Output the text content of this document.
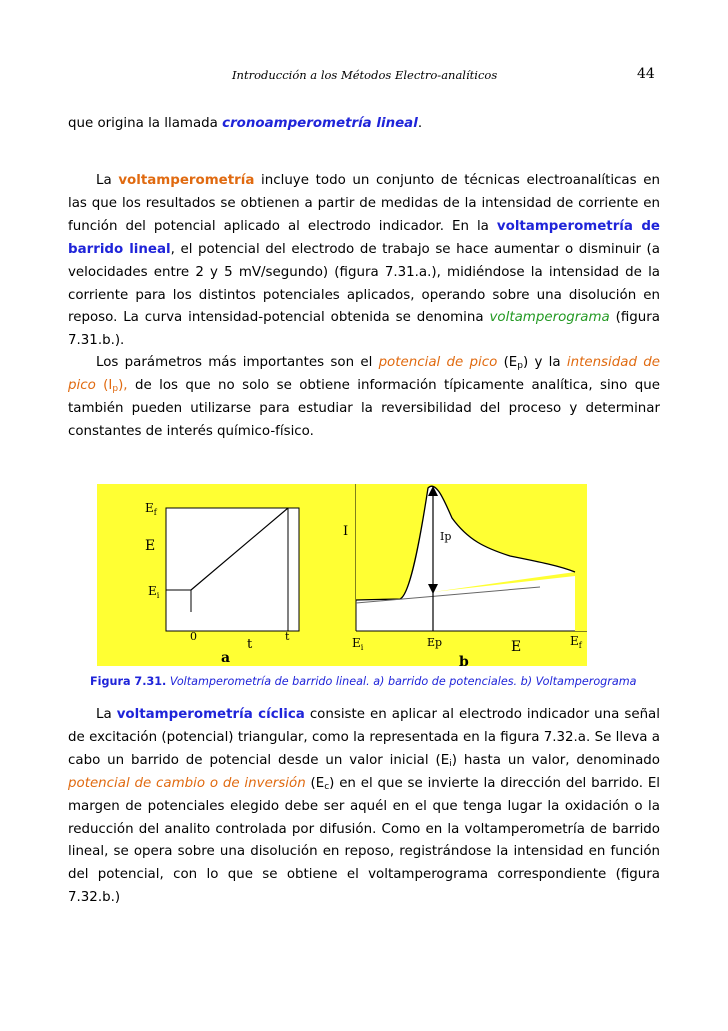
Introducción a los Métodos Electro-analíticos	44
que origina la llamada cronoamperometría lineal.
La voltamperometría incluye todo un conjunto de técnicas electroanalíticas en las que los resultados se obtienen a partir de medidas de la intensidad de corriente en función del potencial aplicado al electrodo indicador. En la voltamperometría de barrido lineal, el potencial del electrodo de trabajo se hace aumentar o disminuir (a velocidades entre 2 y 5 mV/segundo) (figura 7.31.a.), midiéndose la intensidad de la corriente para los distintos potenciales aplicados, operando sobre una disolución en reposo. La curva intensidad-potencial obtenida se denomina voltamperograma (figura 7.31.b.).
Los parámetros más importantes son el potencial de pico $(E_p)$ y la intensidad de pico $(I_p)$, de los que no solo se obtiene información típicamente analítica, sino que también pueden utilizarse para estudiar la reversibilidad del proceso y determinar constantes de interés químico-físico.
$E_f$
E
$E_i$
0	t
t
a
I	Ip
$E_i$	Ep	E	$E_f$
b
Figura 7.31. Voltamperometría de barrido lineal. a) barrido de potenciales. b) Voltamperograma
La voltamperometría cíclica consiste en aplicar al electrodo indicador una señal de excitación (potencial) triangular, como la representada en la figura 7.32.a. Se lleva a cabo un barrido de potencial desde un valor inicial $(E_i)$ hasta un valor, denominado potencial de cambio o de inversión $(E_c)$ en el que se invierte la dirección del barrido. El margen de potenciales elegido debe ser aquél en el que tenga lugar la oxidación o la reducción del analito controlada por difusión. Como en la voltamperometría de barrido lineal, se opera sobre una disolución en reposo, registrándose la intensidad en función del potencial, con lo que se obtiene el voltamperograma correspondiente (figura 7.32.b.)
